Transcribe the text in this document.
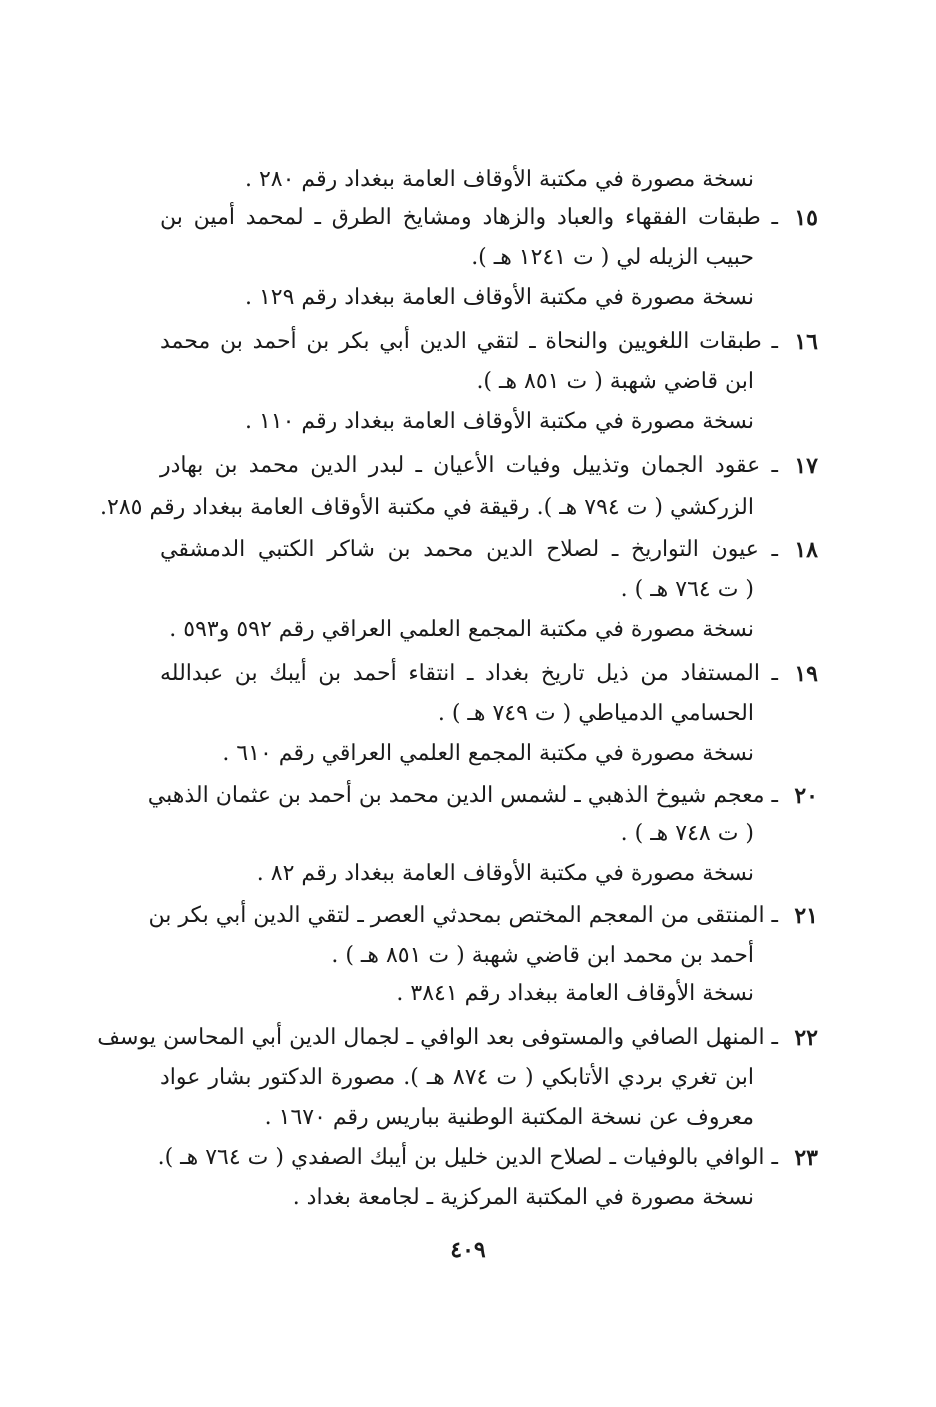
نسخة مصورة في مكتبة الأوقاف العامة ببغداد رقم ٢٨٠ .
١٥
ـ طبقات الفقهاء والعباد والزهاد ومشايخ الطرق ـ لمحمد أمين بن
حبيب الزيله لي ( ت ١٢٤١ هـ ).
نسخة مصورة في مكتبة الأوقاف العامة ببغداد رقم ١٢٩ .
١٦
ـ طبقات اللغويين والنحاة ـ لتقي الدين أبي بكر بن أحمد بن محمد
ابن قاضي شهبة ( ت ٨٥١ هـ ).
نسخة مصورة في مكتبة الأوقاف العامة ببغداد رقم ١١٠ .
١٧
ـ عقود الجمان وتذييل وفيات الأعيان ـ لبدر الدين محمد بن بهادر
الزركشي ( ت ٧٩٤ هـ ). رقيقة في مكتبة الأوقاف العامة ببغداد رقم ٢٨٥.
١٨
ـ عيون التواريخ ـ لصلاح الدين محمد بن شاكر الكتبي الدمشقي
( ت ٧٦٤ هـ ) .
نسخة مصورة في مكتبة المجمع العلمي العراقي رقم ٥٩٢ و٥٩٣ .
١٩
ـ المستفاد من ذيل تاريخ بغداد ـ انتقاء أحمد بن أيبك بن عبدالله
الحسامي الدمياطي ( ت ٧٤٩ هـ ) .
نسخة مصورة في مكتبة المجمع العلمي العراقي رقم ٦١٠ .
٢٠
ـ معجم شيوخ الذهبي ـ لشمس الدين محمد بن أحمد بن عثمان الذهبي
( ت ٧٤٨ هـ ) .
نسخة مصورة في مكتبة الأوقاف العامة ببغداد رقم ٨٢ .
٢١
ـ المنتقى من المعجم المختص بمحدثي العصر ـ لتقي الدين أبي بكر بن
أحمد بن محمد ابن قاضي شهبة ( ت ٨٥١ هـ ) .
نسخة الأوقاف العامة ببغداد رقم ٣٨٤١ .
٢٢
ـ المنهل الصافي والمستوفى بعد الوافي ـ لجمال الدين أبي المحاسن يوسف
ابن تغري بردي الأتابكي ( ت ٨٧٤ هـ ). مصورة الدكتور بشار عواد
معروف عن نسخة المكتبة الوطنية بباريس رقم ١٦٧٠ .
٢٣
ـ الوافي بالوفيات ـ لصلاح الدين خليل بن أيبك الصفدي ( ت ٧٦٤ هـ ).
نسخة مصورة في المكتبة المركزية ـ لجامعة بغداد .
٤٠٩
